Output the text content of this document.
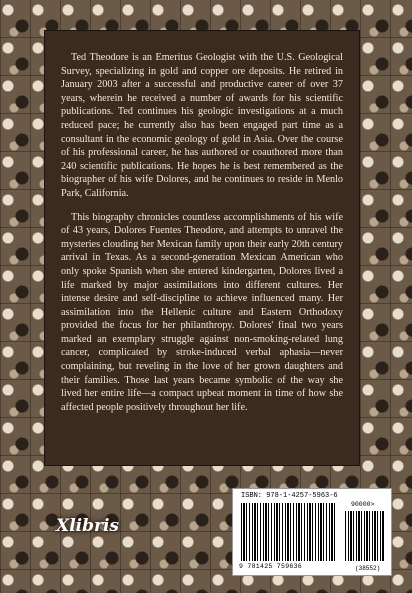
Ted Theodore is an Emeritus Geologist with the U.S. Geological Survey, specializing in gold and copper ore deposits. He retired in January 2003 after a successful and productive career of over 37 years, wherein he received a number of awards for his scientific publications. Ted continues his geologic investigations at a much reduced pace; he currently also has been engaged part time as a consultant in the economic geology of gold in Asia. Over the course of his professional career, he has authored or coauthored more than 240 scientific publications. He hopes he is best remembered as the biographer of his wife Dolores, and he continues to reside in Menlo Park, California.

This biography chronicles countless accomplishments of his wife of 43 years, Dolores Fuentes Theodore, and attempts to unravel the mysteries clouding her Mexican family upon their early 20th century arrival in Texas. As a second-generation Mexican American who only spoke Spanish when she entered kindergarten, Dolores lived a life marked by major assimilations into different cultures. Her intense desire and self-discipline to achieve influenced many. Her assimilation into the Hellenic culture and Eastern Orthodoxy provided the focus for her philanthropy. Dolores' final two years marked an exemplary struggle against non-smoking-related lung cancer, complicated by stroke-induced verbal aphasia—never complaining, but reveling in the love of her grown daughters and their families. Those last years became symbolic of the way she lived her entire life—a compact upbeat moment in time of how she affected people positively throughout her life.

Xlibris
ISBN: 978-1-4257-5963-6
90000>
9 781425 759636	(38552)
